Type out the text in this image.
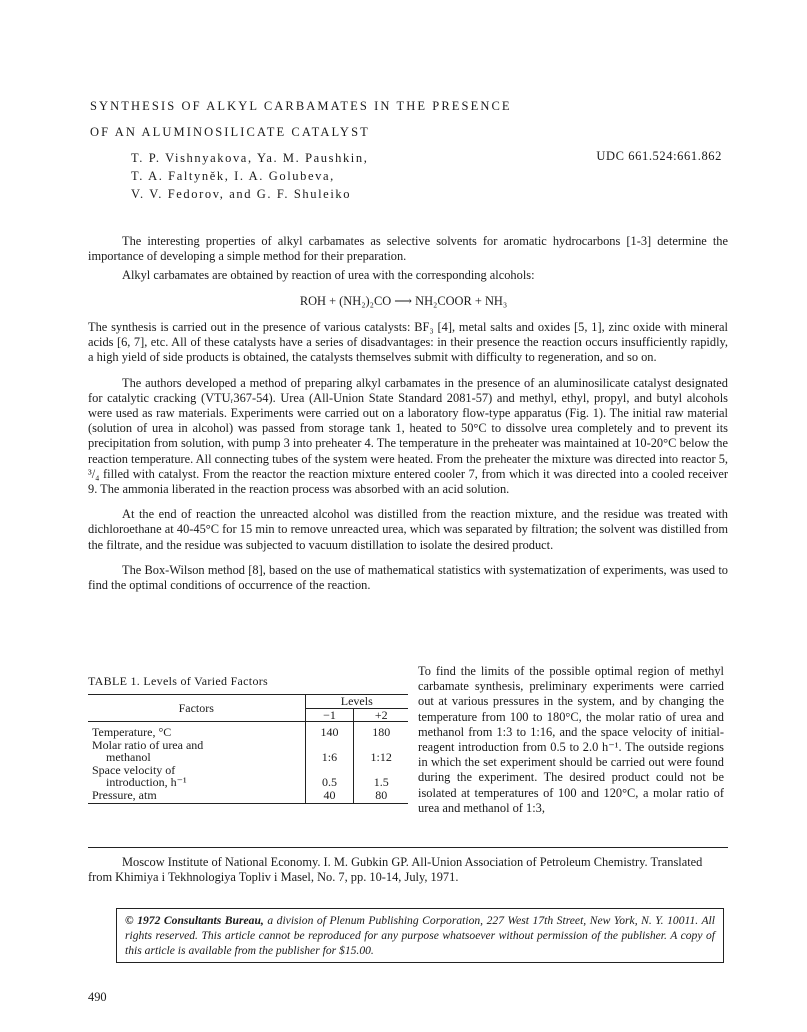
SYNTHESIS OF ALKYL CARBAMATES IN THE PRESENCE
OF AN ALUMINOSILICATE CATALYST
T. P. Vishnyakova, Ya. M. Paushkin,
T. A. Faltyněk, I. A. Golubeva,
V. V. Fedorov, and G. F. Shuleiko
UDC 661.524:661.862

The interesting properties of alkyl carbamates as selective solvents for aromatic hydrocarbons [1-3] determine the importance of developing a simple method for their preparation.

Alkyl carbamates are obtained by reaction of urea with the corresponding alcohols:

ROH + (NH₂)₂CO ⟶ NH₂COOR + NH₃

The synthesis is carried out in the presence of various catalysts: BF₃ [4], metal salts and oxides [5, 1], zinc oxide with mineral acids [6, 7], etc. All of these catalysts have a series of disadvantages: in their presence the reaction occurs insufficiently rapidly, a high yield of side products is obtained, the catalysts themselves submit with difficulty to regeneration, and so on.

The authors developed a method of preparing alkyl carbamates in the presence of an aluminosilicate catalyst designated for catalytic cracking (VTUᵣ367-54). Urea (All-Union State Standard 2081-57) and methyl, ethyl, propyl, and butyl alcohols were used as raw materials. Experiments were carried out on a laboratory flow-type apparatus (Fig. 1). The initial raw material (solution of urea in alcohol) was passed from storage tank 1, heated to 50°C to dissolve urea completely and to prevent its precipitation from solution, with pump 3 into preheater 4. The temperature in the preheater was maintained at 10-20°C below the reaction temperature. All connecting tubes of the system were heated. From the preheater the mixture was directed into reactor 5, ³/₄ filled with catalyst. From the reactor the reaction mixture entered cooler 7, from which it was directed into a cooled receiver 9. The ammonia liberated in the reaction process was absorbed with an acid solution.

At the end of reaction the unreacted alcohol was distilled from the reaction mixture, and the residue was treated with dichloroethane at 40-45°C for 15 min to remove unreacted urea, which was separated by filtration; the solvent was distilled from the filtrate, and the residue was subjected to vacuum distillation to isolate the desired product.

The Box-Wilson method [8], based on the use of mathematical statistics with systematization of experiments, was used to find the optimal conditions of occurrence of the reaction.

TABLE 1. Levels of Varied Factors
Factors	Levels	
	−1	+2
Temperature, °C	140	180
Molar ratio of urea and		
methanol	1:6	1:12
Space velocity of		
introduction, h⁻¹	0.5	1.5
Pressure, atm	40	80

To find the limits of the possible optimal region of methyl carbamate synthesis, preliminary experiments were carried out at various pressures in the system, and by changing the temperature from 100 to 180°C, the molar ratio of urea and methanol from 1:3 to 1:16, and the space velocity of initial-reagent introduction from 0.5 to 2.0 h⁻¹. The outside regions in which the set experiment should be carried out were found during the experiment. The desired product could not be isolated at temperatures of 100 and 120°C, a molar ratio of urea and methanol of 1:3,

Moscow Institute of National Economy. I. M. Gubkin GP. All-Union Association of Petroleum Chemistry. Translated from Khimiya i Tekhnologiya Topliv i Masel, No. 7, pp. 10-14, July, 1971.

© 1972 Consultants Bureau, a division of Plenum Publishing Corporation, 227 West 17th Street, New York, N. Y. 10011. All rights reserved. This article cannot be reproduced for any purpose whatsoever without permission of the publisher. A copy of this article is available from the publisher for $15.00.
490
